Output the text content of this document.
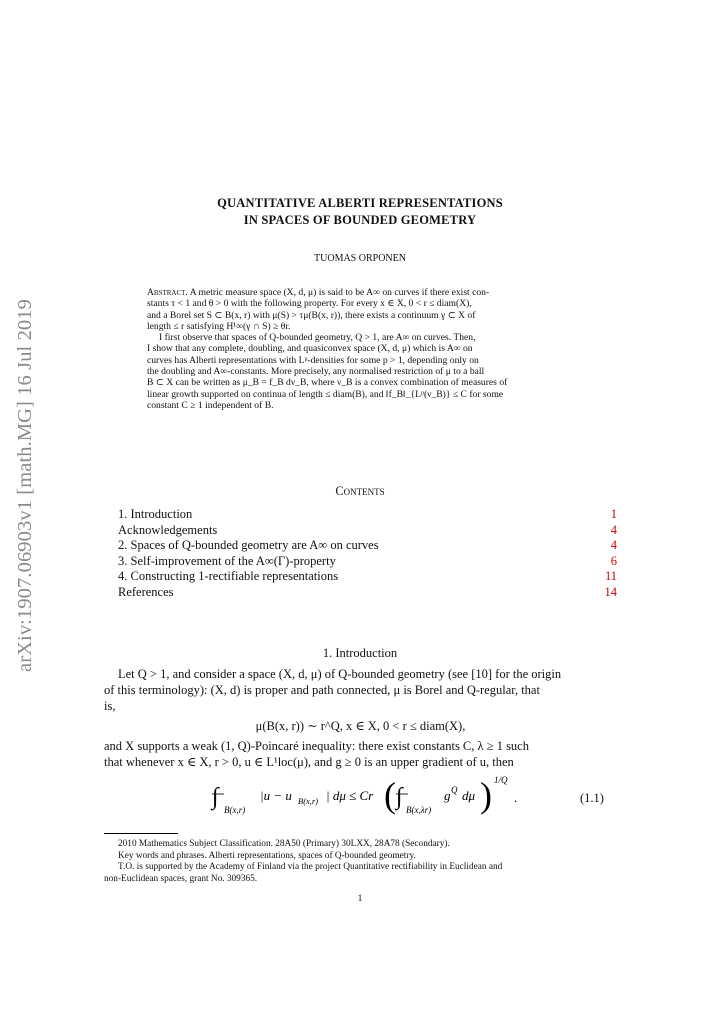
arXiv:1907.06903v1 [math.MG] 16 Jul 2019
QUANTITATIVE ALBERTI REPRESENTATIONS
IN SPACES OF BOUNDED GEOMETRY
TUOMAS ORPONEN

Abstract. A metric measure space (X, d, μ) is said to be A∞ on curves if there exist con-
stants τ < 1 and θ > 0 with the following property. For every x ∈ X, 0 < r ≤ diam(X),
and a Borel set S ⊂ B(x, r) with μ(S) > τμ(B(x, r)), there exists a continuum γ ⊂ X of
length ≤ r satisfying H¹∞(γ ∩ S) ≥ θr.

I first observe that spaces of Q-bounded geometry, Q > 1, are A∞ on curves. Then,
I show that any complete, doubling, and quasiconvex space (X, d, μ) which is A∞ on
curves has Alberti representations with Lᵖ-densities for some p > 1, depending only on
the doubling and A∞-constants. More precisely, any normalised restriction of μ to a ball
B ⊂ X can be written as μ_B = f_B dν_B, where ν_B is a convex combination of measures of
linear growth supported on continua of length ≤ diam(B), and ‖f_B‖_{Lᵖ(ν_B)} ≤ C for some
constant C ≥ 1 independent of B.

Contents
1. Introduction	1
Acknowledgements	4
2. Spaces of Q-bounded geometry are A∞ on curves	4
3. Self-improvement of the A∞(Γ)-property	6
4. Constructing 1-rectifiable representations	11
References	14
1. Introduction
Let Q > 1, and consider a space (X, d, μ) of Q-bounded geometry (see [10] for the origin
of this terminology): (X, d) is proper and path connected, μ is Borel and Q-regular, that
is,
μ(B(x, r)) ∼ r^Q, x ∈ X, 0 < r ≤ diam(X),
and X supports a weak (1, Q)-Poincaré inequality: there exist constants C, λ ≥ 1 such
that whenever x ∈ X, r > 0, u ∈ L¹loc(μ), and g ≥ 0 is an upper gradient of u, then
∫ B(x,r)
|u − u B(x,r) | dμ ≤ Cr ( ∫ B(x,λr)
g Q dμ ) 1/Q
.	(1.1)

2010 Mathematics Subject Classification. 28A50 (Primary) 30LXX, 28A78 (Secondary).

Key words and phrases. Alberti representations, spaces of Q-bounded geometry.

T.O. is supported by the Academy of Finland via the project Quantitative rectifiability in Euclidean and

non-Euclidean spaces, grant No. 309365.

1
